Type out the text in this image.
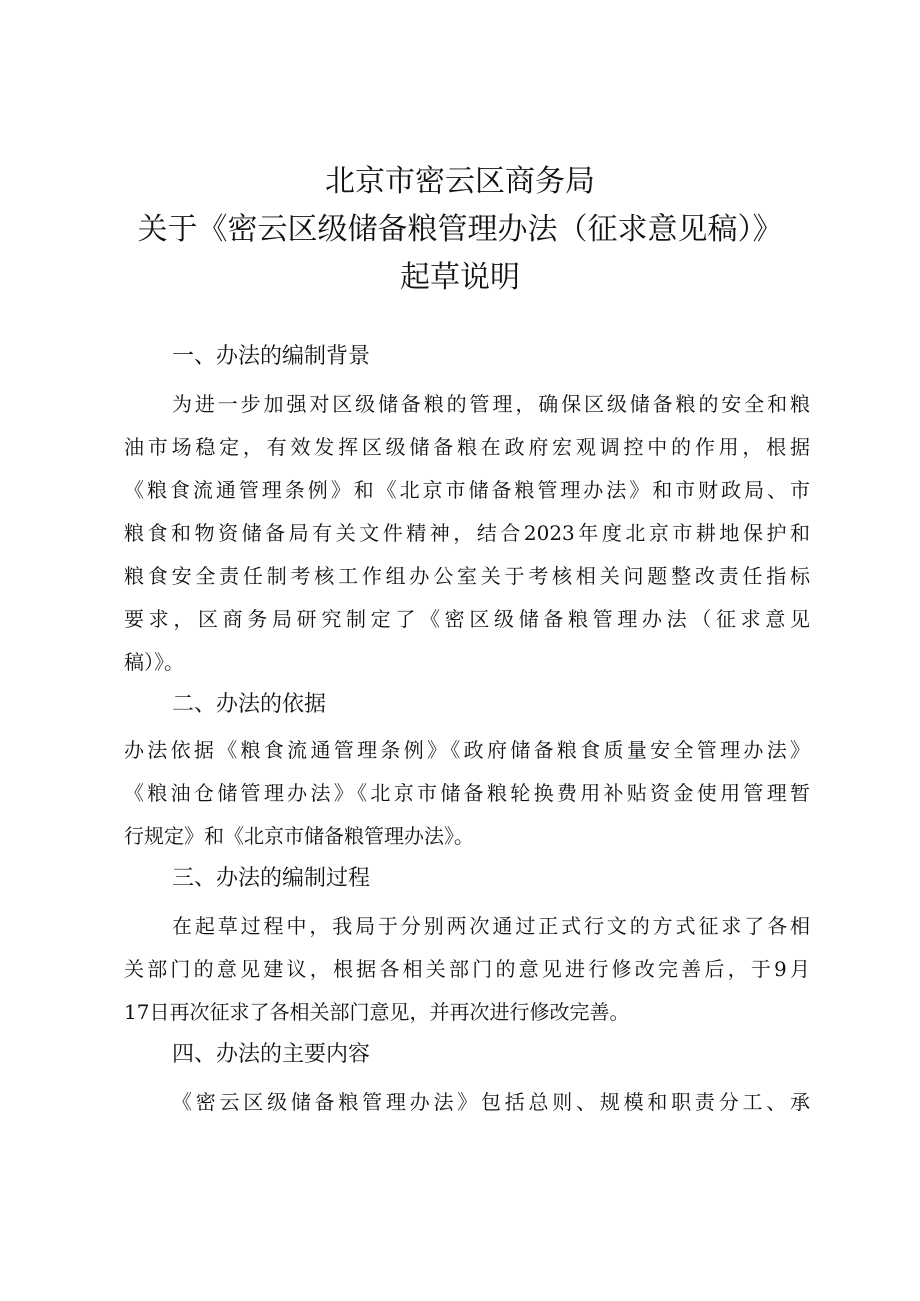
北京市密云区商务局
关于《密云区级储备粮管理办法（征求意见稿）》
起草说明
一、办法的编制背景
为进一步加强对区级储备粮的管理，确保区级储备粮的安全和粮
油市场稳定，有效发挥区级储备粮在政府宏观调控中的作用，根据
《粮食流通管理条例》和《北京市储备粮管理办法》和市财政局、市
粮食和物资储备局有关文件精神，结合2023年度北京市耕地保护和
粮食安全责任制考核工作组办公室关于考核相关问题整改责任指标
要求，区商务局研究制定了《密区级储备粮管理办法（征求意见
稿）》。
二、办法的依据
办法依据《粮食流通管理条例》《政府储备粮食质量安全管理办法》
《粮油仓储管理办法》《北京市储备粮轮换费用补贴资金使用管理暂
行规定》和《北京市储备粮管理办法》。
三、办法的编制过程
在起草过程中，我局于分别两次通过正式行文的方式征求了各相
关部门的意见建议，根据各相关部门的意见进行修改完善后，于9月
17日再次征求了各相关部门意见，并再次进行修改完善。
四、办法的主要内容
《密云区级储备粮管理办法》包括总则、规模和职责分工、承
